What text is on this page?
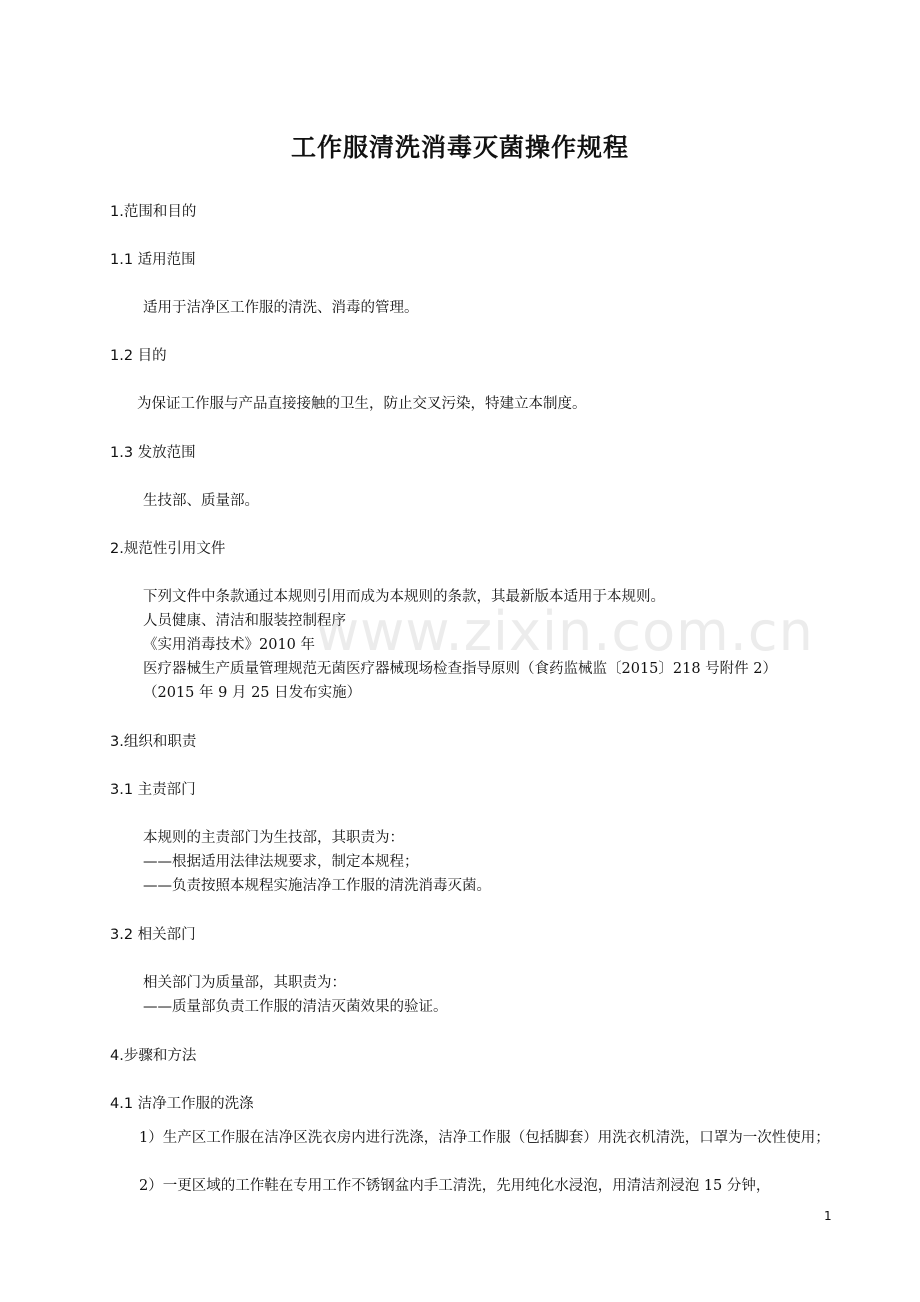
工作服清洗消毒灭菌操作规程
1.范围和目的
1.1 适用范围
适用于洁净区工作服的清洗、消毒的管理。
1.2 目的
为保证工作服与产品直接接触的卫生，防止交叉污染，特建立本制度。
1.3 发放范围
生技部、质量部。
2.规范性引用文件
下列文件中条款通过本规则引用而成为本规则的条款，其最新版本适用于本规则。
人员健康、清洁和服装控制程序
《实用消毒技术》2010 年
医疗器械生产质量管理规范无菌医疗器械现场检查指导原则（食药监械监〔2015〕218 号附件 2）
（2015 年 9 月 25 日发布实施）
www.zixin.com.cn
3.组织和职责
3.1 主责部门
本规则的主责部门为生技部，其职责为：
——根据适用法律法规要求，制定本规程；
——负责按照本规程实施洁净工作服的清洗消毒灭菌。
3.2 相关部门
相关部门为质量部，其职责为：
——质量部负责工作服的清洁灭菌效果的验证。
4.步骤和方法
4.1 洁净工作服的洗涤
1）生产区工作服在洁净区洗衣房内进行洗涤，洁净工作服（包括脚套）用洗衣机清洗，口罩为一次性使用；
2）一更区域的工作鞋在专用工作不锈钢盆内手工清洗，先用纯化水浸泡，用清洁剂浸泡 15 分钟，
1
